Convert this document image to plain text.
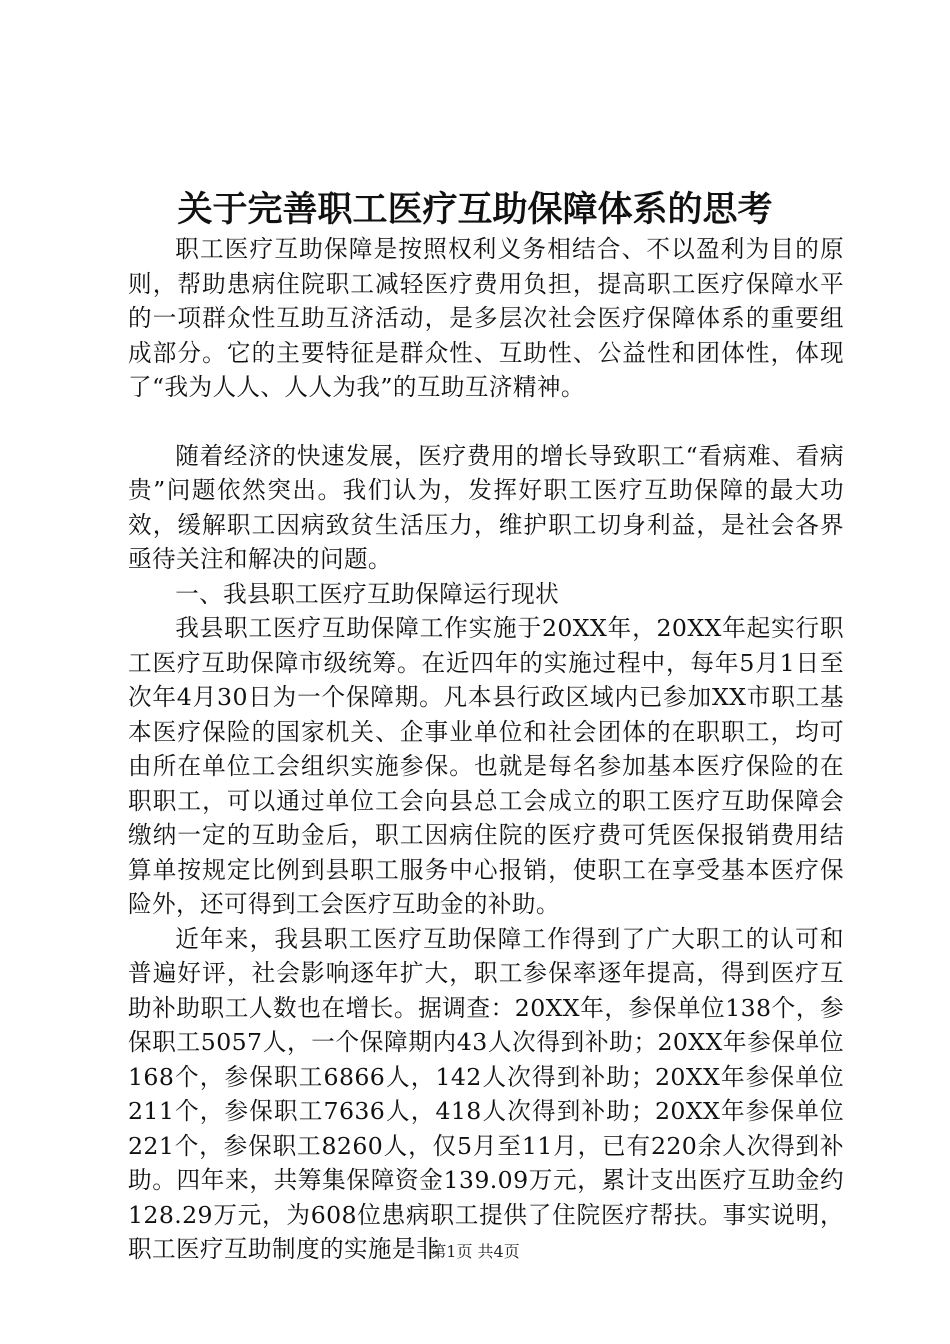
关于完善职工医疗互助保障体系的思考

职工医疗互助保障是按照权利义务相结合、不以盈利为目的原则，帮助患病住院职工减轻医疗费用负担，提高职工医疗保障水平的一项群众性互助互济活动，是多层次社会医疗保障体系的重要组成部分。它的主要特征是群众性、互助性、公益性和团体性，体现了“我为人人、人人为我”的互助互济精神。

随着经济的快速发展，医疗费用的增长导致职工“看病难、看病贵”问题依然突出。我们认为，发挥好职工医疗互助保障的最大功效，缓解职工因病致贫生活压力，维护职工切身利益，是社会各界亟待关注和解决的问题。

一、我县职工医疗互助保障运行现状

我县职工医疗互助保障工作实施于20XX年，20XX年起实行职工医疗互助保障市级统筹。在近四年的实施过程中，每年5月1日至次年4月30日为一个保障期。凡本县行政区域内已参加XX市职工基本医疗保险的国家机关、企事业单位和社会团体的在职职工，均可由所在单位工会组织实施参保。也就是每名参加基本医疗保险的在职职工，可以通过单位工会向县总工会成立的职工医疗互助保障会缴纳一定的互助金后，职工因病住院的医疗费可凭医保报销费用结算单按规定比例到县职工服务中心报销，使职工在享受基本医疗保险外，还可得到工会医疗互助金的补助。

近年来，我县职工医疗互助保障工作得到了广大职工的认可和普遍好评，社会影响逐年扩大，职工参保率逐年提高，得到医疗互助补助职工人数也在增长。据调查：20XX年，参保单位138个，参保职工5057人，一个保障期内43人次得到补助；20XX年参保单位168个，参保职工6866人，142人次得到补助；20XX年参保单位211个，参保职工7636人，418人次得到补助；20XX年参保单位221个，参保职工8260人，仅5月至11月，已有220余人次得到补助。四年来，共筹集保障资金139.09万元，累计支出医疗互助金约128.29万元，为608位患病职工提供了住院医疗帮扶。事实说明，职工医疗互助制度的实施是非

第1页 共4页
